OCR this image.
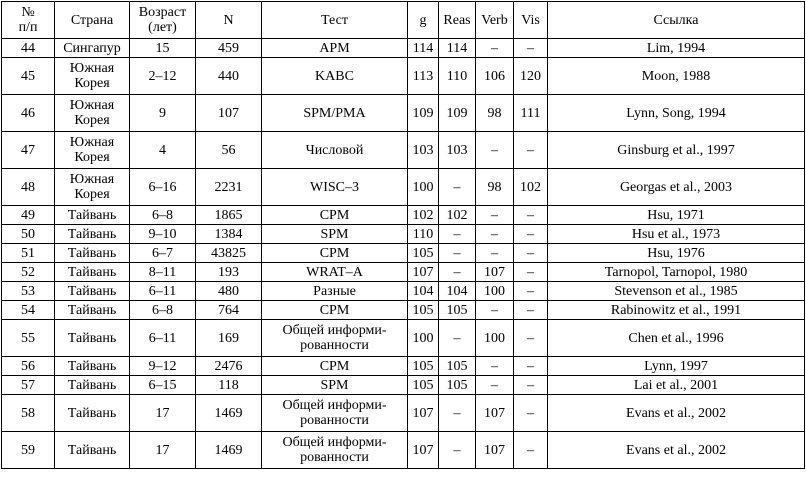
№ п/п	Страна	Возраст (лет)	N	Тест	g	Reas	Verb	Vis	Ссылка

44	Сингапур	15	459	APM	114	114	–	–	Lim, 1994

45	Южная Корея	2–12	440	KABC	113	110	106	120	Moon, 1988

46	Южная Корея	9	107	SPM/PMA	109	109	98	111	Lynn, Song, 1994

47	Южная Корея	4	56	Числовой	103	103	–	–	Ginsburg et al., 1997

48	Южная Корея	6–16	2231	WISC–3	100	–	98	102	Georgas et al., 2003

49	Тайвань	6–8	1865	CPM	102	102	–	–	Hsu, 1971

50	Тайвань	9–10	1384	SPM	110	–	–	–	Hsu et al., 1973

51	Тайвань	6–7	43825	CPM	105	–	–	–	Hsu, 1976

52	Тайвань	8–11	193	WRAT–A	107	–	107	–	Tarnopol, Tarnopol, 1980

53	Тайвань	6–11	480	Разные	104	104	100	–	Stevenson et al., 1985

54	Тайвань	6–8	764	CPM	105	105	–	–	Rabinowitz et al., 1991

55	Тайвань	6–11	169	Общей информи-рованности	100	–	100	–	Chen et al., 1996

56	Тайвань	9–12	2476	CPM	105	105	–	–	Lynn, 1997

57	Тайвань	6–15	118	SPM	105	105	–	–	Lai et al., 2001

58	Тайвань	17	1469	Общей информи-рованности	107	–	107	–	Evans et al., 2002

59	Тайвань	17	1469	Общей информи-рованности	107	–	107	–	Evans et al., 2002
